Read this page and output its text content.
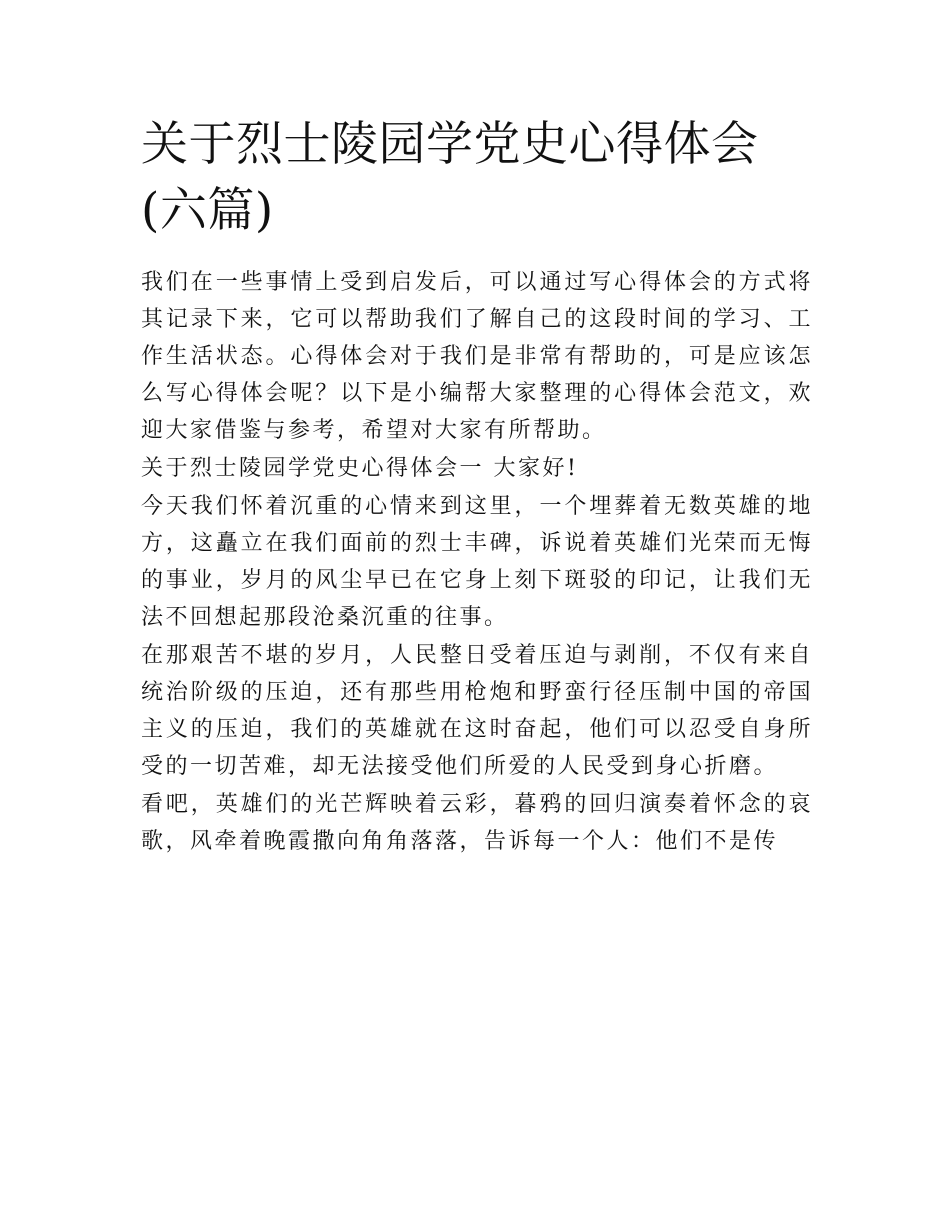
关于烈士陵园学党史心得体会(六篇)

我们在一些事情上受到启发后，可以通过写心得体会的方式将其记录下来，它可以帮助我们了解自己的这段时间的学习、工作生活状态。心得体会对于我们是非常有帮助的，可是应该怎么写心得体会呢？以下是小编帮大家整理的心得体会范文，欢迎大家借鉴与参考，希望对大家有所帮助。

关于烈士陵园学党史心得体会一 大家好!

今天我们怀着沉重的心情来到这里，一个埋葬着无数英雄的地方，这矗立在我们面前的烈士丰碑，诉说着英雄们光荣而无悔的事业，岁月的风尘早已在它身上刻下斑驳的印记，让我们无法不回想起那段沧桑沉重的往事。

在那艰苦不堪的岁月，人民整日受着压迫与剥削，不仅有来自统治阶级的压迫，还有那些用枪炮和野蛮行径压制中国的帝国主义的压迫，我们的英雄就在这时奋起，他们可以忍受自身所受的一切苦难，却无法接受他们所爱的人民受到身心折磨。

看吧，英雄们的光芒辉映着云彩，暮鸦的回归演奏着怀念的哀歌，风牵着晚霞撒向角角落落，告诉每一个人：他们不是传
